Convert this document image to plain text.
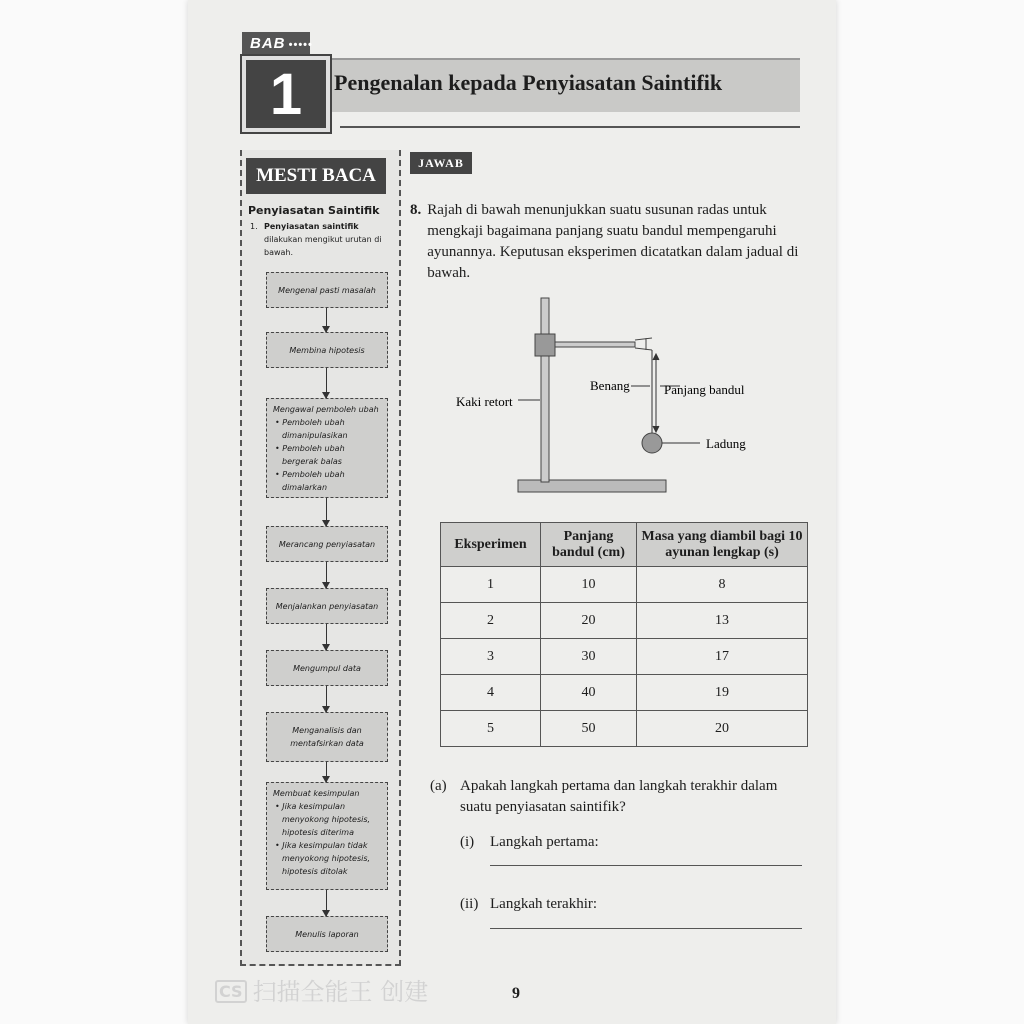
BAB •••••
1	Pengenalan kepada Penyiasatan Saintifik
MESTI BACA
Penyiasatan Saintifik
1. Penyiasatan saintifik

dilakukan mengikut urutan di bawah.
Mengenal pasti masalah
Membina hipotesis
Mengawal pemboleh ubah
• Pemboleh ubah dimanipulasikan
• Pemboleh ubah bergerak balas
• Pemboleh ubah dimalarkan
Merancang penyiasatan
Menjalankan penyiasatan
Mengumpul data
Menganalisis dan mentafsirkan data
Membuat kesimpulan
• Jika kesimpulan menyokong hipotesis, hipotesis diterima
• Jika kesimpulan tidak menyokong hipotesis, hipotesis ditolak
Menulis laporan
JAWAB
8. Rajah di bawah menunjukkan suatu susunan radas untuk mengkaji bagaimana panjang suatu bandul mempengaruhi ayunannya. Keputusan eksperimen dicatatkan dalam jadual di bawah.
Benang	Panjang bandul
Kaki retort
Ladung
Eksperimen	Panjang bandul (cm)	Masa yang diambil bagi 10 ayunan lengkap (s)
1	10	8
2	20	13
3	30	17
4	40	19
5	50	20
(a) Apakah langkah pertama dan langkah terakhir dalam suatu penyiasatan saintifik?
(i) Langkah pertama:
(ii) Langkah terakhir:
CS 扫描全能王 创建	9
